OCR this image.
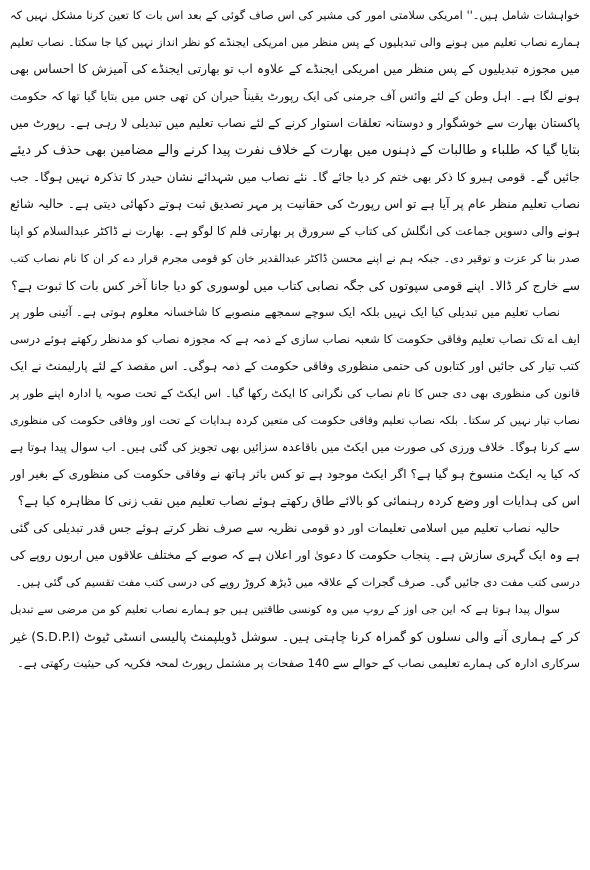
خواہشات شامل ہیں۔'' امریکی سلامتی امور کی مشیر کی اس صاف گوئی کے بعد اس بات کا تعین کرنا مشکل نہیں کہ
ہمارے نصاب تعلیم میں ہونے والی تبدیلیوں کے پس منظر میں امریکی ایجنڈے کو نظر انداز نہیں کیا جا سکتا۔ نصاب تعلیم
میں مجوزہ تبدیلیوں کے پس منظر میں امریکی ایجنڈے کے علاوہ اب تو بھارتی ایجنڈے کی آمیزش کا احساس بھی
ہونے لگا ہے۔ اہل وطن کے لئے وائس آف جرمنی کی ایک رپورٹ یقیناً حیران کن تھی جس میں بتایا گیا تھا کہ حکومت
پاکستان بھارت سے خوشگوار و دوستانہ تعلقات استوار کرنے کے لئے نصاب تعلیم میں تبدیلی لا رہی ہے۔ رپورٹ میں
بتایا گیا کہ طلباء و طالبات کے ذہنوں میں بھارت کے خلاف نفرت پیدا کرنے والے مضامین بھی حذف کر دیئے
جائیں گے۔ قومی ہیرو کا ذکر بھی ختم کر دیا جائے گا۔ نئے نصاب میں شہدائے نشان حیدر کا تذکرہ نہیں ہوگا۔ جب
نصاب تعلیم منظر عام پر آیا ہے تو اس رپورٹ کی حقانیت پر مہر تصدیق ثبت ہوتے دکھائی دیتی ہے۔ حالیہ شائع
ہونے والی دسویں جماعت کی انگلش کی کتاب کے سرورق پر بھارتی فلم کا لوگو ہے۔ بھارت نے ڈاکٹر عبدالسلام کو اپنا
صدر بنا کر عزت و توقیر دی۔ جبکہ ہم نے اپنے محسن ڈاکٹر عبدالقدیر خان کو قومی مجرم قرار دے کر ان کا نام نصاب کتب
سے خارج کر ڈالا۔ اپنے قومی سپوتوں کی جگہ نصابی کتاب میں لوسوری کو دیا جانا آخر کس بات کا ثبوت ہے؟
نصاب تعلیم میں تبدیلی کیا ایک نہیں بلکہ ایک سوچے سمجھے منصوبے کا شاخسانہ معلوم ہوتی ہے۔ آئینی طور پر
ایف اے تک نصاب تعلیم وفاقی حکومت کا شعبہ نصاب سازی کے ذمہ ہے کہ مجوزہ نصاب کو مدنظر رکھتے ہوئے درسی
کتب تیار کی جائیں اور کتابوں کی حتمی منظوری وفاقی حکومت کے ذمہ ہوگی۔ اس مقصد کے لئے پارلیمنٹ نے ایک
قانون کی منظوری بھی دی جس کا نام نصاب کی نگرانی کا ایکٹ رکھا گیا۔ اس ایکٹ کے تحت صوبہ یا ادارہ اپنے طور پر
نصاب تیار نہیں کر سکتا۔ بلکہ نصاب تعلیم وفاقی حکومت کی متعین کردہ ہدایات کے تحت اور وفاقی حکومت کی منظوری
سے کرنا ہوگا۔ خلاف ورزی کی صورت میں ایکٹ میں باقاعدہ سزائیں بھی تجویز کی گئی ہیں۔ اب سوال پیدا ہوتا ہے
کہ کیا یہ ایکٹ منسوخ ہو گیا ہے؟ اگر ایکٹ موجود ہے تو کس باثر ہاتھ نے وفاقی حکومت کی منظوری کے بغیر اور
اس کی ہدایات اور وضع کردہ رہنمائی کو بالائے طاق رکھتے ہوئے نصاب تعلیم میں نقب زنی کا مظاہرہ کیا ہے؟
حالیہ نصاب تعلیم میں اسلامی تعلیمات اور دو قومی نظریہ سے صرف نظر کرتے ہوئے جس قدر تبدیلی کی گئی
ہے وہ ایک گہری سازش ہے۔ پنجاب حکومت کا دعویٰ اور اعلان ہے کہ صوبے کے مختلف علاقوں میں اربوں روپے کی
درسی کتب مفت دی جائیں گی۔ صرف گجرات کے علاقہ میں ڈیڑھ کروڑ روپے کی درسی کتب مفت تقسیم کی گئی ہیں۔
سوال پیدا ہوتا ہے کہ این جی اوز کے روپ میں وہ کونسی طاقتیں ہیں جو ہمارے نصاب تعلیم کو من مرضی سے تبدیل
کر کے ہماری آنے والی نسلوں کو گمراہ کرنا چاہتی ہیں۔ سوشل ڈویلپمنٹ پالیسی انسٹی ٹیوٹ (S.D.P.I) غیر
سرکاری ادارہ کی ہمارے تعلیمی نصاب کے حوالے سے 140 صفحات پر مشتمل رپورٹ لمحہ فکریہ کی حیثیت رکھتی ہے۔
